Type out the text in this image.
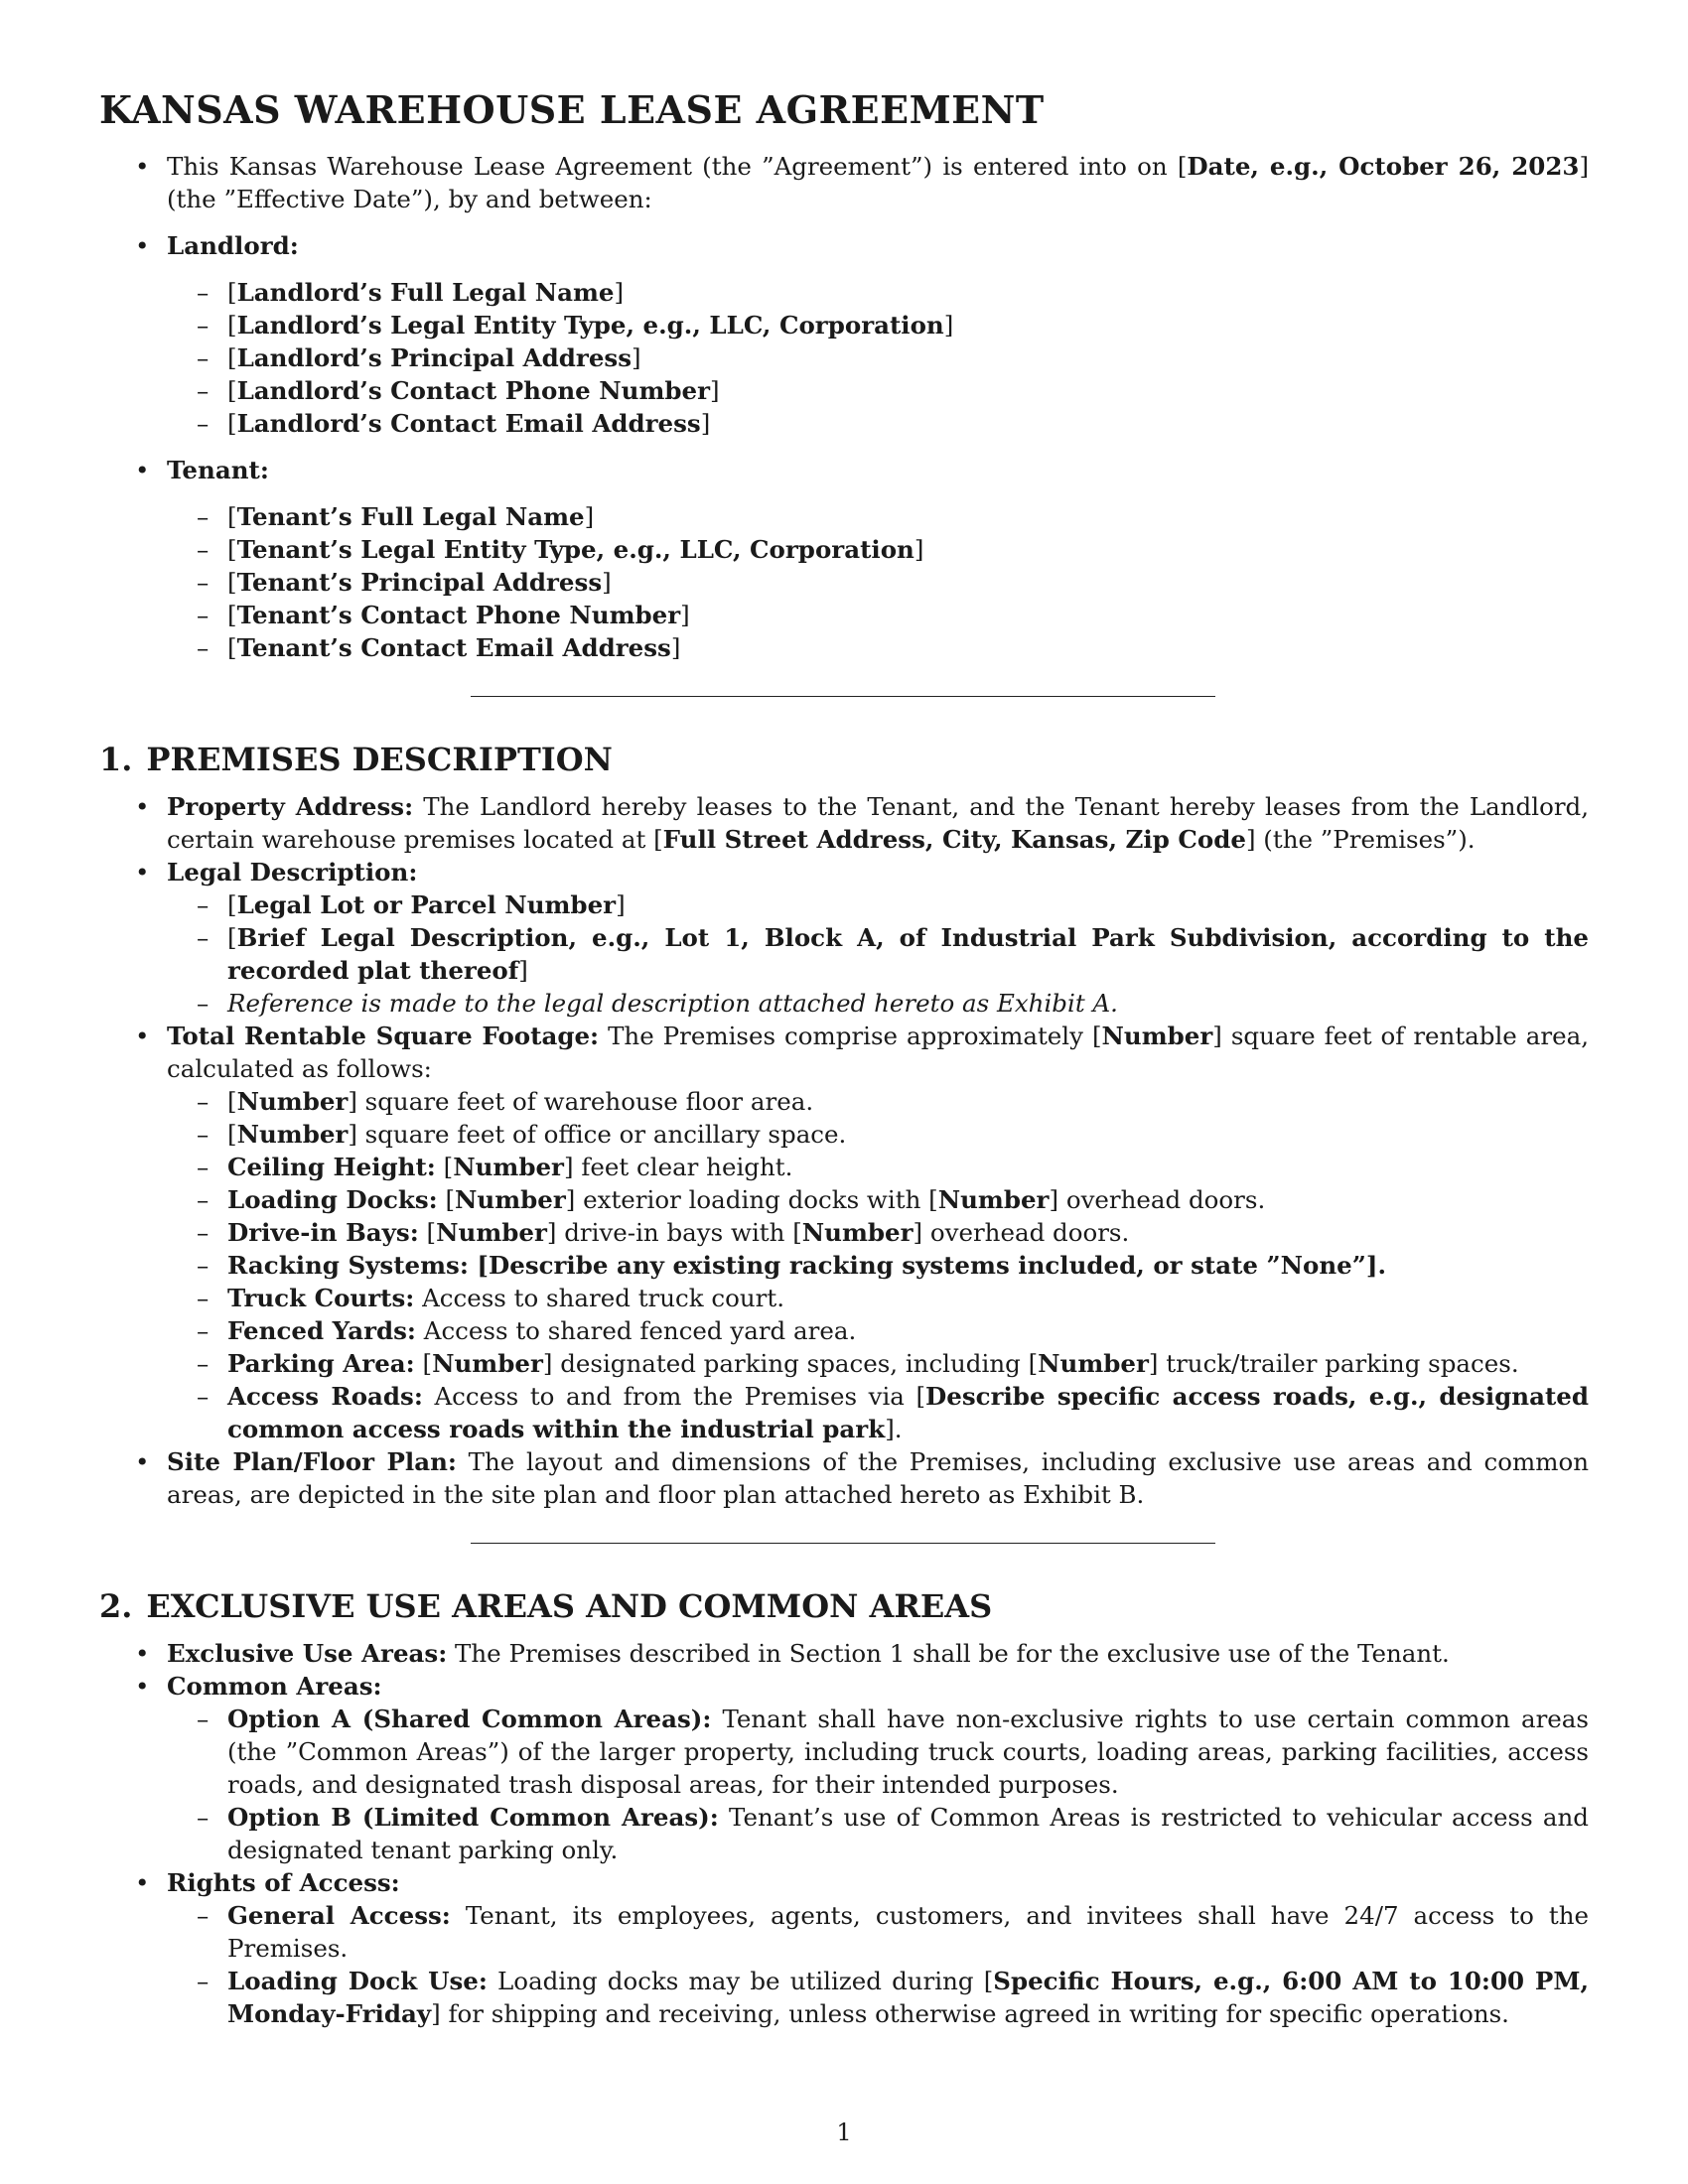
KANSAS WAREHOUSE LEASE AGREEMENT
• This Kansas Warehouse Lease Agreement (the ”Agreement”) is entered into on [Date, e.g., October 26, 2023] (the ”Effective Date”), by and between:
• Landlord:
– [Landlord’s Full Legal Name]
– [Landlord’s Legal Entity Type, e.g., LLC, Corporation]
– [Landlord’s Principal Address]
– [Landlord’s Contact Phone Number]
– [Landlord’s Contact Email Address]
• Tenant:
– [Tenant’s Full Legal Name]
– [Tenant’s Legal Entity Type, e.g., LLC, Corporation]
– [Tenant’s Principal Address]
– [Tenant’s Contact Phone Number]
– [Tenant’s Contact Email Address]
1. PREMISES DESCRIPTION
• Property Address: The Landlord hereby leases to the Tenant, and the Tenant hereby leases from the Landlord, certain warehouse premises located at [Full Street Address, City, Kansas, Zip Code] (the ”Premises”).
• Legal Description:
– [Legal Lot or Parcel Number]
– [Brief Legal Description, e.g., Lot 1, Block A, of Industrial Park Subdivision, according to the recorded plat thereof]
– Reference is made to the legal description attached hereto as Exhibit A.
• Total Rentable Square Footage: The Premises comprise approximately [Number] square feet of rentable area, calculated as follows:
– [Number] square feet of warehouse floor area.
– [Number] square feet of office or ancillary space.
– Ceiling Height: [Number] feet clear height.
– Loading Docks: [Number] exterior loading docks with [Number] overhead doors.
– Drive-in Bays: [Number] drive-in bays with [Number] overhead doors.
– Racking Systems: [Describe any existing racking systems included, or state ”None”].
– Truck Courts: Access to shared truck court.
– Fenced Yards: Access to shared fenced yard area.
– Parking Area: [Number] designated parking spaces, including [Number] truck/trailer parking spaces.
– Access Roads: Access to and from the Premises via [Describe specific access roads, e.g., designated common access roads within the industrial park].
• Site Plan/Floor Plan: The layout and dimensions of the Premises, including exclusive use areas and common areas, are depicted in the site plan and floor plan attached hereto as Exhibit B.
2. EXCLUSIVE USE AREAS AND COMMON AREAS
• Exclusive Use Areas: The Premises described in Section 1 shall be for the exclusive use of the Tenant.
• Common Areas:
– Option A (Shared Common Areas): Tenant shall have non-exclusive rights to use certain common areas (the ”Common Areas”) of the larger property, including truck courts, loading areas, parking facilities, access roads, and designated trash disposal areas, for their intended purposes.
– Option B (Limited Common Areas): Tenant’s use of Common Areas is restricted to vehicular access and designated tenant parking only.
• Rights of Access:
– General Access: Tenant, its employees, agents, customers, and invitees shall have 24/7 access to the Premises.
– Loading Dock Use: Loading docks may be utilized during [Specific Hours, e.g., 6:00 AM to 10:00 PM, Monday-Friday] for shipping and receiving, unless otherwise agreed in writing for specific operations.
1
